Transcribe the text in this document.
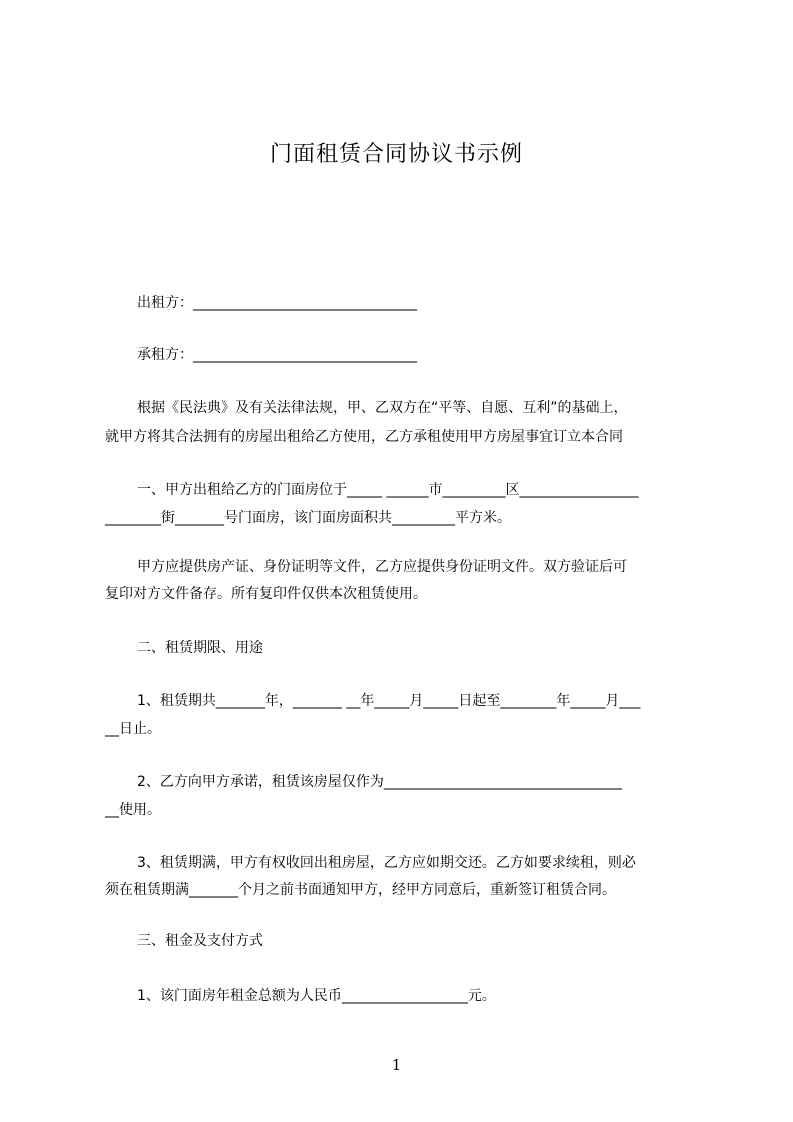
门面租赁合同协议书示例
出租方：________________________________
承租方：________________________________
根据《民法典》及有关法律法规，甲、乙双方在“平等、自愿、互利”的基础上，
就甲方将其合法拥有的房屋出租给乙方使用，乙方承租使用甲方房屋事宜订立本合同
一、甲方出租给乙方的门面房位于_____ ______市_________区_________________
________街_______号门面房，该门面房面积共_________平方米。
甲方应提供房产证、身份证明等文件，乙方应提供身份证明文件。双方验证后可
复印对方文件备存。所有复印件仅供本次租赁使用。
二、租赁期限、用途
1、租赁期共_______年，_______ __年_____月_____日起至________年_____月___
__日止。
2、乙方向甲方承诺，租赁该房屋仅作为__________________________________
__使用。
3、租赁期满，甲方有权收回出租房屋，乙方应如期交还。乙方如要求续租，则必
须在租赁期满_______个月之前书面通知甲方，经甲方同意后，重新签订租赁合同。
三、租金及支付方式
1、该门面房年租金总额为人民币__________________元。
1
